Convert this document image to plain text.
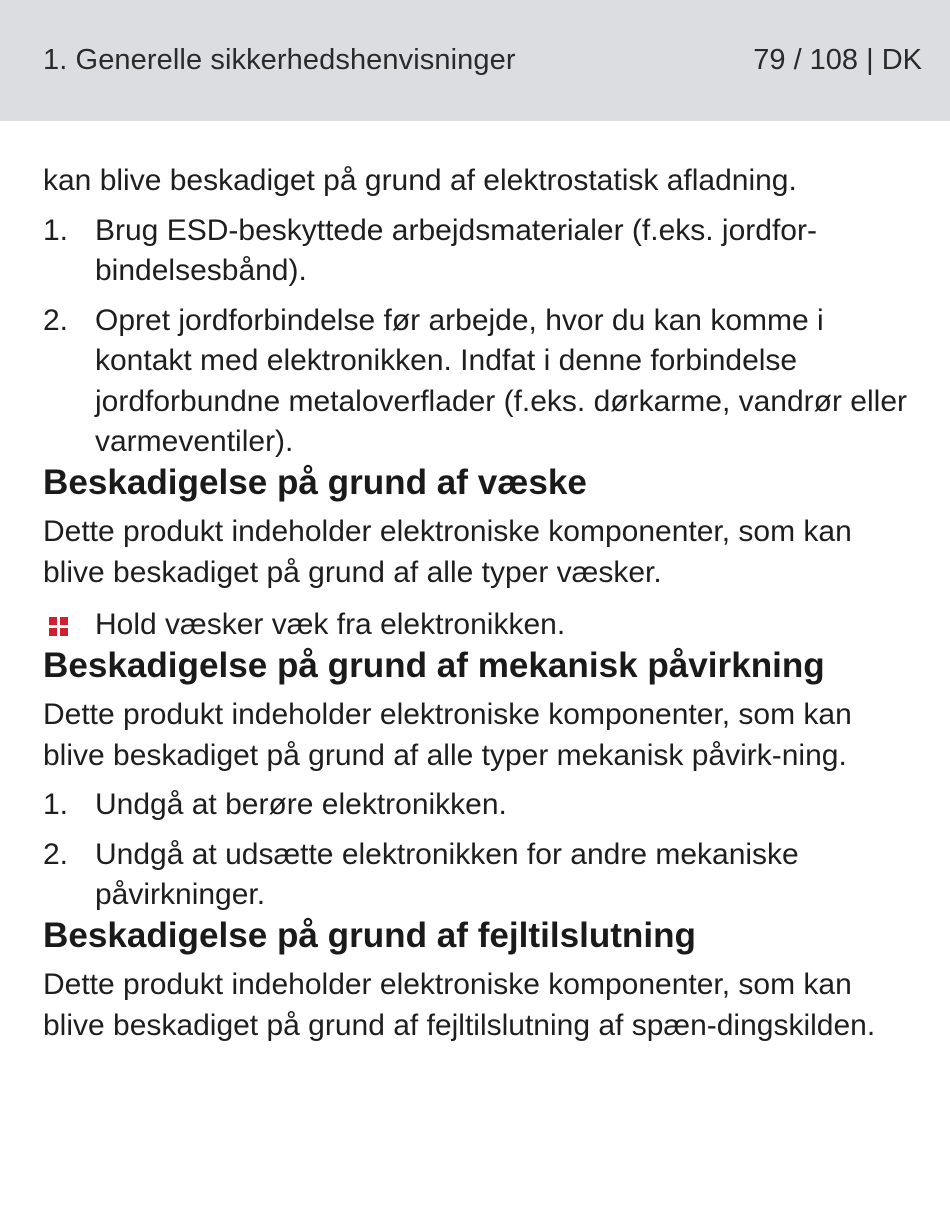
1. Generelle sikkerhedshenvisninger	79 / 108 | DK

kan blive beskadiget på grund af elektrostatisk afladning.

1. Brug ESD-beskyttede arbejdsmaterialer (f.eks. jordfor-bindelsesbånd).
2. Opret jordforbindelse før arbejde, hvor du kan komme i kontakt med elektronikken. Indfat i denne forbindelse jordforbundne metaloverflader (f.eks. dørkarme, vandrør eller varmeventiler).
Beskadigelse på grund af væske

Dette produkt indeholder elektroniske komponenter, som kan blive beskadiget på grund af alle typer væsker.

Hold væsker væk fra elektronikken.
Beskadigelse på grund af mekanisk påvirkning

Dette produkt indeholder elektroniske komponenter, som kan blive beskadiget på grund af alle typer mekanisk påvirk-ning.

1. Undgå at berøre elektronikken.
2. Undgå at udsætte elektronikken for andre mekaniske påvirkninger.
Beskadigelse på grund af fejltilslutning

Dette produkt indeholder elektroniske komponenter, som kan blive beskadiget på grund af fejltilslutning af spæn-dingskilden.
